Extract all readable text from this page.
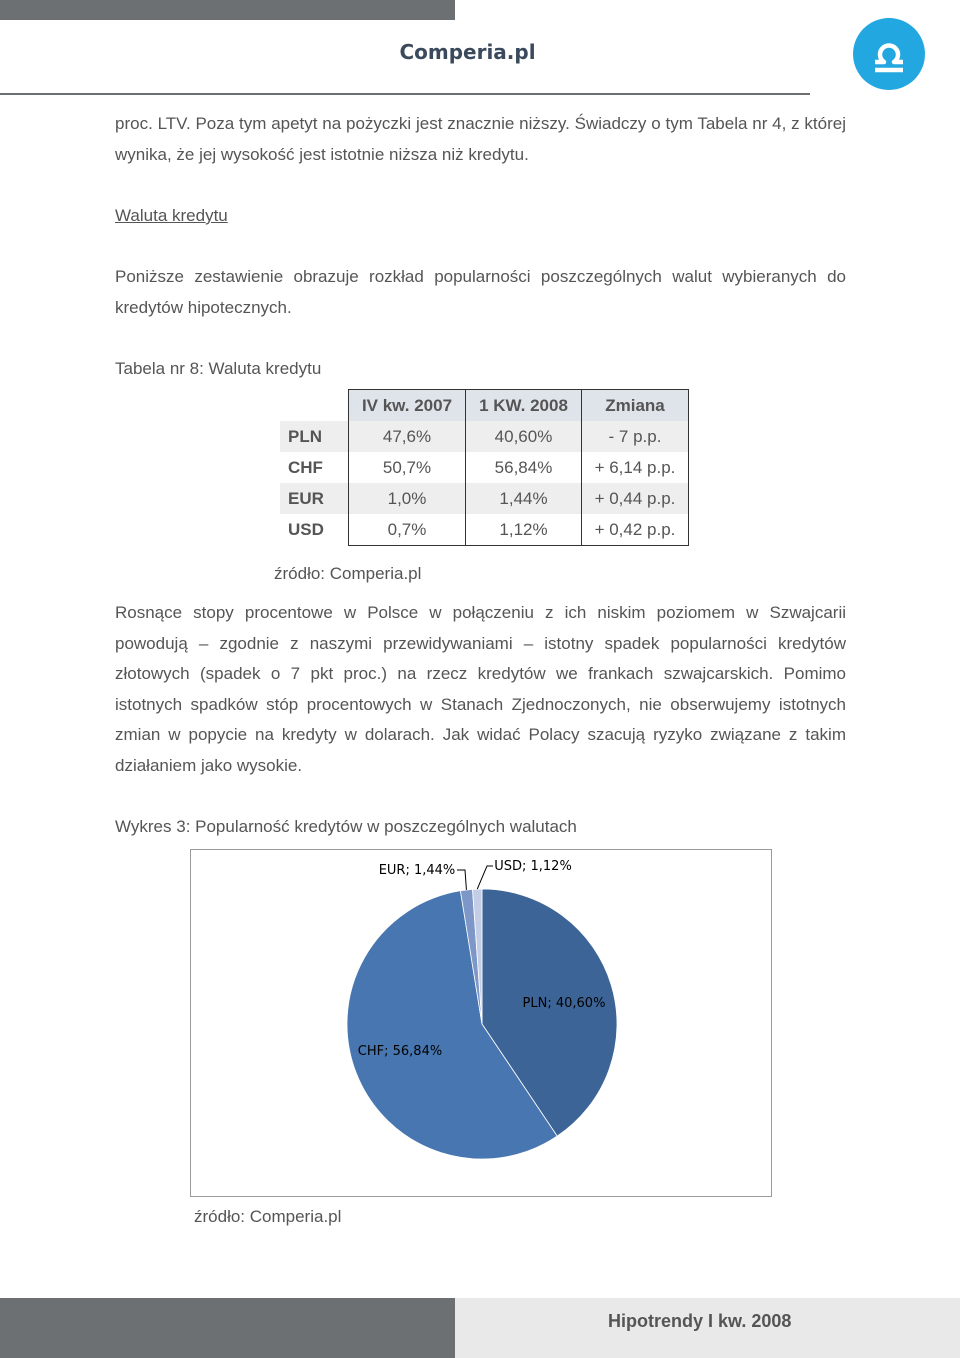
Comperia.pl
proc. LTV. Poza tym apetyt na pożyczki jest znacznie niższy. Świadczy o tym Tabela nr 4, z której wynika, że jej wysokość jest istotnie niższa niż kredytu.
Waluta kredytu
Poniższe zestawienie obrazuje rozkład popularności poszczególnych walut wybieranych do kredytów hipotecznych.
Tabela nr 8: Waluta kredytu
	IV kw. 2007	1 KW. 2008	Zmiana
PLN	47,6%	40,60%	- 7 p.p.
CHF	50,7%	56,84%	+ 6,14 p.p.
EUR	1,0%	1,44%	+ 0,44 p.p.
USD	0,7%	1,12%	+ 0,42 p.p.
źródło: Comperia.pl
Rosnące stopy procentowe w Polsce w połączeniu z ich niskim poziomem w Szwajcarii powodują – zgodnie z naszymi przewidywaniami – istotny spadek popularności kredytów złotowych (spadek o 7 pkt proc.) na rzecz kredytów we frankach szwajcarskich. Pomimo istotnych spadków stóp procentowych w Stanach Zjednoczonych, nie obserwujemy istotnych zmian w popycie na kredyty w dolarach. Jak widać Polacy szacują ryzyko związane z takim działaniem jako wysokie.
Wykres 3: Popularność kredytów w poszczególnych walutach
PLN; 40,60%
CHF; 56,84%
EUR; 1,44%	USD; 1,12%
źródło: Comperia.pl
Hipotrendy I kw. 2008
